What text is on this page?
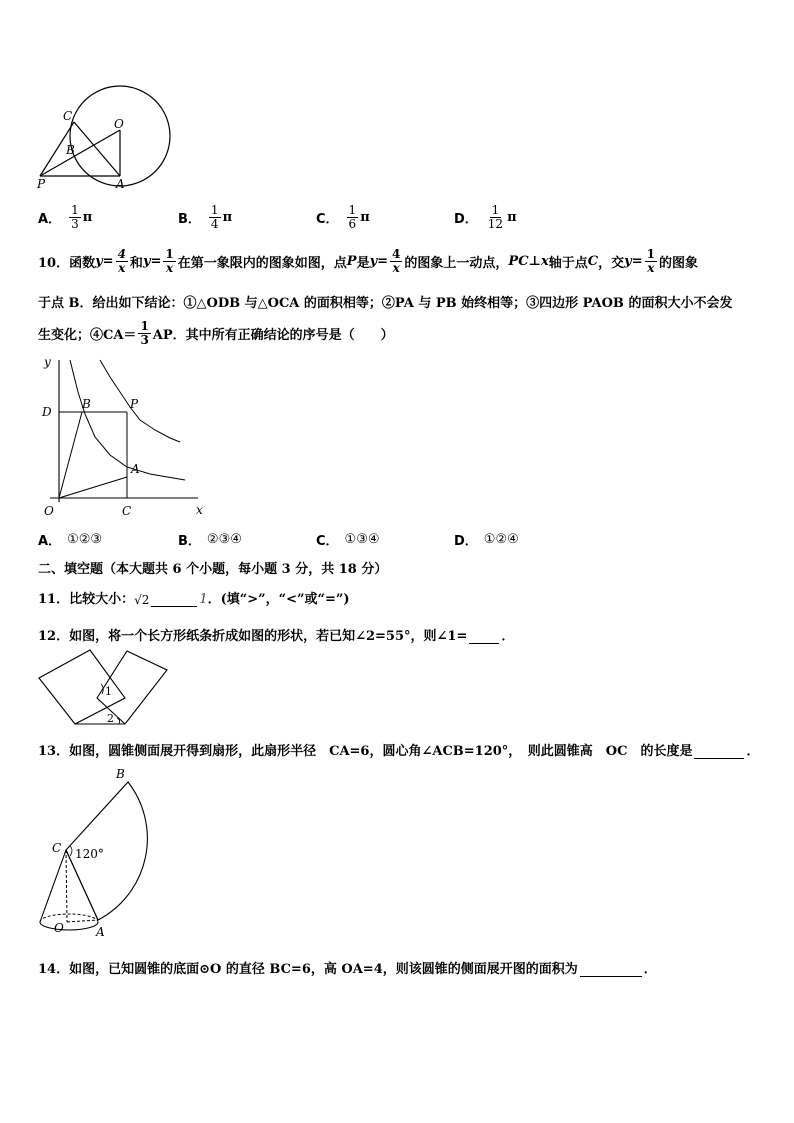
C
O
B
P	A
A． $\frac{1}{3}$ π	B． $\frac{1}{4}$ π	C． $\frac{1}{6}$ π	D． $\frac{1}{12}$ π
10．函数 $y = \frac{4}{x}$ 和 $y = \frac{1}{x}$ 在第一象限内的图象如图，点 P 是 $y = \frac{4}{x}$ 的图象上一动点， PC⊥x 轴于点 C ，交 $y = \frac{1}{x}$ 的图象
于点 B．给出如下结论：①△ODB 与△OCA 的面积相等；②PA 与 PB 始终相等；③四边形 PAOB 的面积大小不会发
生变化；④CA＝ $\frac{1}{3}$ AP．其中所有正确结论的序号是（　　）
y
x
O
D
B	P
A
C
A． ①②③	B． ②③④	C． ①③④	D． ①②④
二、填空题（本大题共 6 个小题，每小题 3 分，共 18 分）
11．比较大小： √2	1 ．(填“>”，“<”或“=”)
12．如图，将一个长方形纸条折成如图的形状，若已知∠2=55°，则∠1=	．
1
2
13．如图，圆锥侧面展开得到扇形，此扇形半径　CA=6，圆心角∠ACB=120°，　则此圆锥高　OC　的长度是	．
B
C 120°
O	A
14．如图，已知圆锥的底面⊙O 的直径 BC=6，高 OA=4，则该圆锥的侧面展开图的面积为	．
